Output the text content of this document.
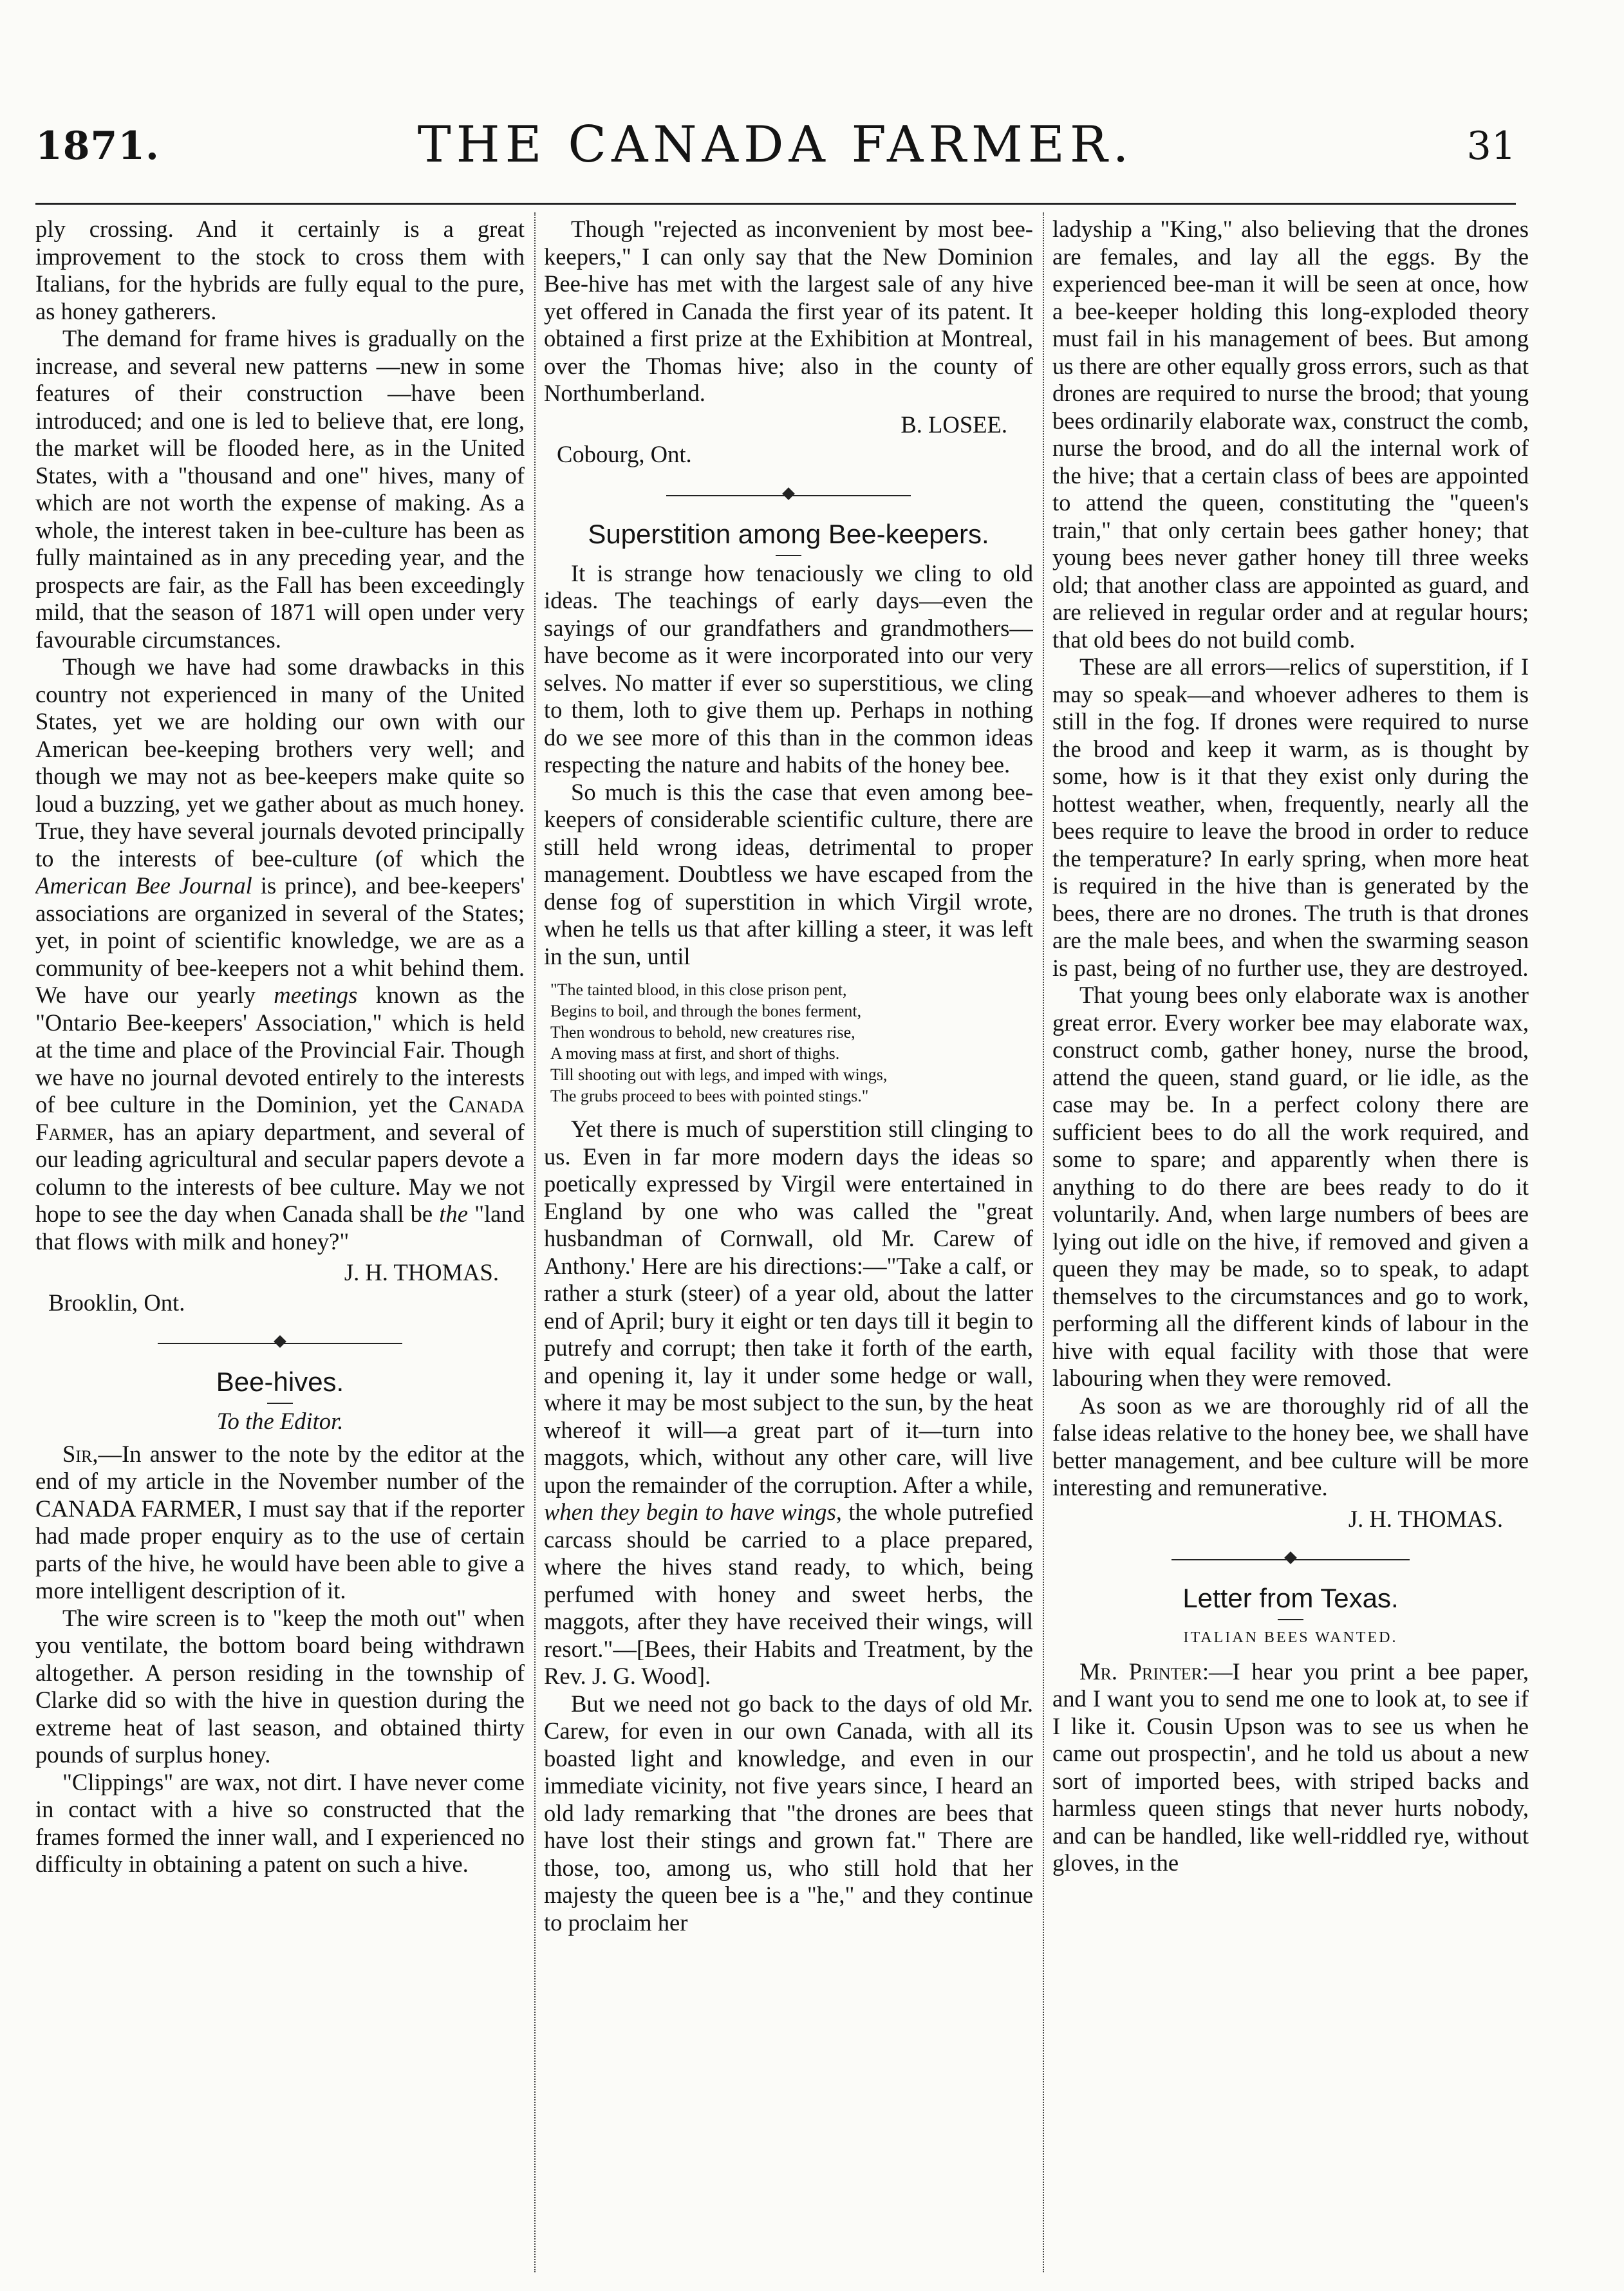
1871.	THE CANADA FARMER.	31

ply crossing. And it certainly is a great improvement to the stock to cross them with Italians, for the hybrids are fully equal to the pure, as honey gatherers.

The demand for frame hives is gradually on the increase, and several new patterns —new in some features of their construction —have been introduced; and one is led to believe that, ere long, the market will be flooded here, as in the United States, with a "thousand and one" hives, many of which are not worth the expense of making. As a whole, the interest taken in bee-culture has been as fully maintained as in any preceding year, and the prospects are fair, as the Fall has been exceedingly mild, that the season of 1871 will open under very favourable circumstances.

Though we have had some drawbacks in this country not experienced in many of the United States, yet we are holding our own with our American bee-keeping brothers very well; and though we may not as bee-keepers make quite so loud a buzzing, yet we gather about as much honey. True, they have several journals devoted principally to the interests of bee-culture (of which the American Bee Journal is prince), and bee-keepers' associations are organized in several of the States; yet, in point of scientific knowledge, we are as a community of bee-keepers not a whit behind them. We have our yearly meetings known as the "Ontario Bee-keepers' Association," which is held at the time and place of the Provincial Fair. Though we have no journal devoted entirely to the interests of bee culture in the Dominion, yet the Canada Farmer, has an apiary department, and several of our leading agricultural and secular papers devote a column to the interests of bee culture. May we not hope to see the day when Canada shall be the "land that flows with milk and honey?"

J. H. THOMAS.
Brooklin, Ont.
Bee-hives.
To the Editor.

Sir,—In answer to the note by the editor at the end of my article in the November number of the CANADA FARMER, I must say that if the reporter had made proper enquiry as to the use of certain parts of the hive, he would have been able to give a more intelligent description of it.

The wire screen is to "keep the moth out" when you ventilate, the bottom board being withdrawn altogether. A person residing in the township of Clarke did so with the hive in question during the extreme heat of last season, and obtained thirty pounds of surplus honey.

"Clippings" are wax, not dirt. I have never come in contact with a hive so constructed that the frames formed the inner wall, and I experienced no difficulty in obtaining a patent on such a hive.

Though "rejected as inconvenient by most bee-keepers," I can only say that the New Dominion Bee-hive has met with the largest sale of any hive yet offered in Canada the first year of its patent. It obtained a first prize at the Exhibition at Montreal, over the Thomas hive; also in the county of Northumberland.

B. LOSEE.
Cobourg, Ont.
Superstition among Bee-keepers.

It is strange how tenaciously we cling to old ideas. The teachings of early days—even the sayings of our grandfathers and grandmothers—have become as it were incorporated into our very selves. No matter if ever so superstitious, we cling to them, loth to give them up. Perhaps in nothing do we see more of this than in the common ideas respecting the nature and habits of the honey bee.

So much is this the case that even among bee-keepers of considerable scientific culture, there are still held wrong ideas, detrimental to proper management. Doubtless we have escaped from the dense fog of superstition in which Virgil wrote, when he tells us that after killing a steer, it was left in the sun, until

"The tainted blood, in this close prison pent,
Begins to boil, and through the bones ferment,
Then wondrous to behold, new creatures rise,
A moving mass at first, and short of thighs.
Till shooting out with legs, and imped with wings,
The grubs proceed to bees with pointed stings."

Yet there is much of superstition still clinging to us. Even in far more modern days the ideas so poetically expressed by Virgil were entertained in England by one who was called the "great husbandman of Cornwall, old Mr. Carew of Anthony.' Here are his directions:—"Take a calf, or rather a sturk (steer) of a year old, about the latter end of April; bury it eight or ten days till it begin to putrefy and corrupt; then take it forth of the earth, and opening it, lay it under some hedge or wall, where it may be most subject to the sun, by the heat whereof it will—a great part of it—turn into maggots, which, without any other care, will live upon the remainder of the corruption. After a while, when they begin to have wings, the whole putrefied carcass should be carried to a place prepared, where the hives stand ready, to which, being perfumed with honey and sweet herbs, the maggots, after they have received their wings, will resort."—[Bees, their Habits and Treatment, by the Rev. J. G. Wood].

But we need not go back to the days of old Mr. Carew, for even in our own Canada, with all its boasted light and knowledge, and even in our immediate vicinity, not five years since, I heard an old lady remarking that "the drones are bees that have lost their stings and grown fat." There are those, too, among us, who still hold that her majesty the queen bee is a "he," and they continue to proclaim her

ladyship a "King," also believing that the drones are females, and lay all the eggs. By the experienced bee-man it will be seen at once, how a bee-keeper holding this long-exploded theory must fail in his management of bees. But among us there are other equally gross errors, such as that drones are required to nurse the brood; that young bees ordinarily elaborate wax, construct the comb, nurse the brood, and do all the internal work of the hive; that a certain class of bees are appointed to attend the queen, constituting the "queen's train," that only certain bees gather honey; that young bees never gather honey till three weeks old; that another class are appointed as guard, and are relieved in regular order and at regular hours; that old bees do not build comb.

These are all errors—relics of superstition, if I may so speak—and whoever adheres to them is still in the fog. If drones were required to nurse the brood and keep it warm, as is thought by some, how is it that they exist only during the hottest weather, when, frequently, nearly all the bees require to leave the brood in order to reduce the temperature? In early spring, when more heat is required in the hive than is generated by the bees, there are no drones. The truth is that drones are the male bees, and when the swarming season is past, being of no further use, they are destroyed.

That young bees only elaborate wax is another great error. Every worker bee may elaborate wax, construct comb, gather honey, nurse the brood, attend the queen, stand guard, or lie idle, as the case may be. In a perfect colony there are sufficient bees to do all the work required, and some to spare; and apparently when there is anything to do there are bees ready to do it voluntarily. And, when large numbers of bees are lying out idle on the hive, if removed and given a queen they may be made, so to speak, to adapt themselves to the circumstances and go to work, performing all the different kinds of labour in the hive with equal facility with those that were labouring when they were removed.

As soon as we are thoroughly rid of all the false ideas relative to the honey bee, we shall have better management, and bee culture will be more interesting and remunerative.

J. H. THOMAS.
Letter from Texas.
ITALIAN BEES WANTED.

Mr. Printer:—I hear you print a bee paper, and I want you to send me one to look at, to see if I like it. Cousin Upson was to see us when he came out prospectin', and he told us about a new sort of imported bees, with striped backs and harmless queen stings that never hurts nobody, and can be handled, like well-riddled rye, without gloves, in the
